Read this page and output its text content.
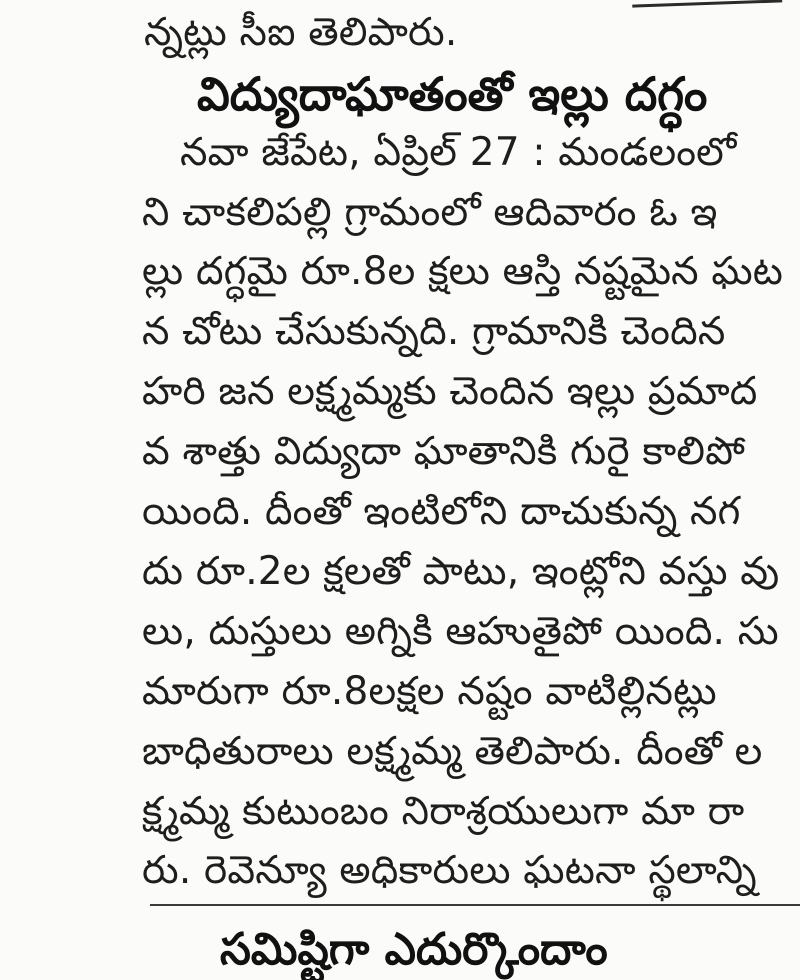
న్నట్లు సీఐ తెలిపారు.
విద్యుదాఘాతంతో ఇల్లు దగ్ధం
నవా జేపేట, ఏప్రిల్ 27 : మండలంలో
ని చాకలిపల్లి గ్రామంలో ఆదివారం ఓ ఇ
ల్లు దగ్ధమై రూ.8ల క్షలు ఆస్తి నష్టమైన ఘట
న చోటు చేసుకున్నది. గ్రామానికి చెందిన
హరి జన లక్ష్మమ్మకు చెందిన ఇల్లు ప్రమాద
వ శాత్తు విద్యుదా ఘాతానికి గురై కాలిపో
యింది. దీంతో ఇంటిలోని దాచుకున్న నగ
దు రూ.2ల క్షలతో పాటు, ఇంట్లోని వస్తు వు
లు, దుస్తులు అగ్నికి ఆహుతైపో యింది. సు
మారుగా రూ.8లక్షల నష్టం వాటిల్లినట్లు
బాధితురాలు లక్ష్మమ్మ తెలిపారు. దీంతో ల
క్ష్మమ్మ కుటుంబం నిరాశ్రయులుగా మా రా
రు. రెవెన్యూ అధికారులు ఘటనా స్థలాన్ని
సమిష్టిగా ఎదుర్కొందాం
